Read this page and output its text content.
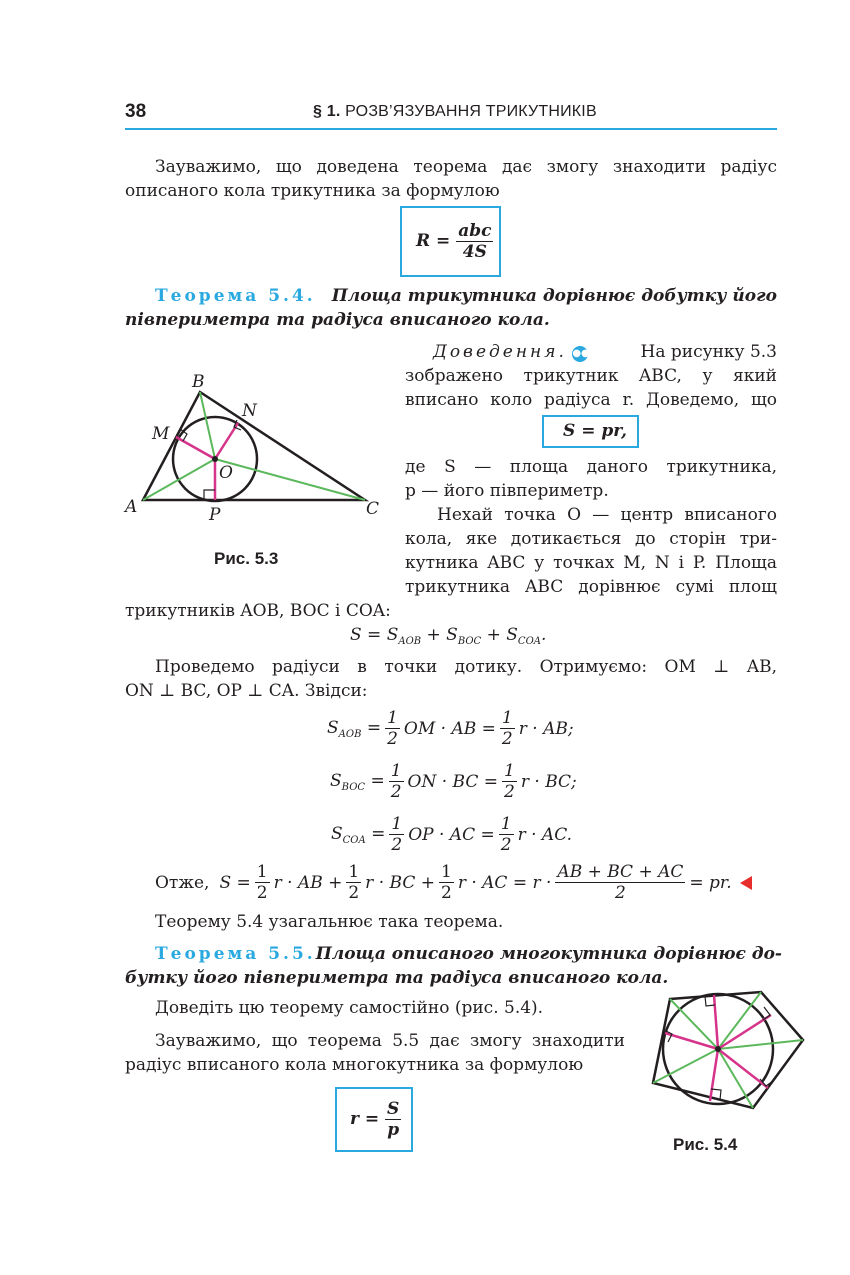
38	§ 1. РОЗВ’ЯЗУВАННЯ ТРИКУТНИКІВ
Зауважимо, що доведена теорема дає змогу знаходити радіус
описаного кола трикутника за формулою
$R = \frac{\text{abc}}{4S}$
Теорема 5.4. Площа трикутника дорівнює добутку його
півпериметра та радіуса вписаного кола.
Доведення. ●●	На рисунку 5.3
зображено трикутник ABC, у який
вписано коло радіуса r. Доведемо, що
S = pr,
де S — площа даного трикутника,
p — його півпериметр.
Нехай точка O — центр вписаного
кола, яке дотикається до сторін три-
кутника ABC у точках M, N і P. Площа
трикутника ABC дорівнює сумі площ
трикутників AOB, BOC і COA:
A
B
C
M
N
O
P
Рис. 5.3
$S = S_{AOB} + S_{BOC} + S_{COA}$.
Проведемо радіуси в точки дотику. Отримуємо: OM ⊥ AB,
ON ⊥ BC, OP ⊥ CA. Звідси:
$S_{AOB} = \frac{1}{2}$ OM · AB = $\frac{1}{2}$ r · AB;
$S_{BOC} = \frac{1}{2}$ ON · BC = $\frac{1}{2}$ r · BC;
$S_{COA} = \frac{1}{2}$ OP · AC = $\frac{1}{2}$ r · AC.
Отже, $S = \frac{1}{2}$ r · AB + $\frac{1}{2}$ r · BC + $\frac{1}{2}$ r · AC = $r \cdot \frac{AB + BC + AC}{2}$ = pr.
Теорему 5.4 узагальнює така теорема.
Теорема 5.5. Площа описаного многокутника дорівнює до-
бутку його півпериметра та радіуса вписаного кола.
Доведіть цю теорему самостійно (рис. 5.4).
Зауважимо, що теорема 5.5 дає змогу знаходити
радіус вписаного кола многокутника за формулою
$r = \frac{S}{p}$
Рис. 5.4
